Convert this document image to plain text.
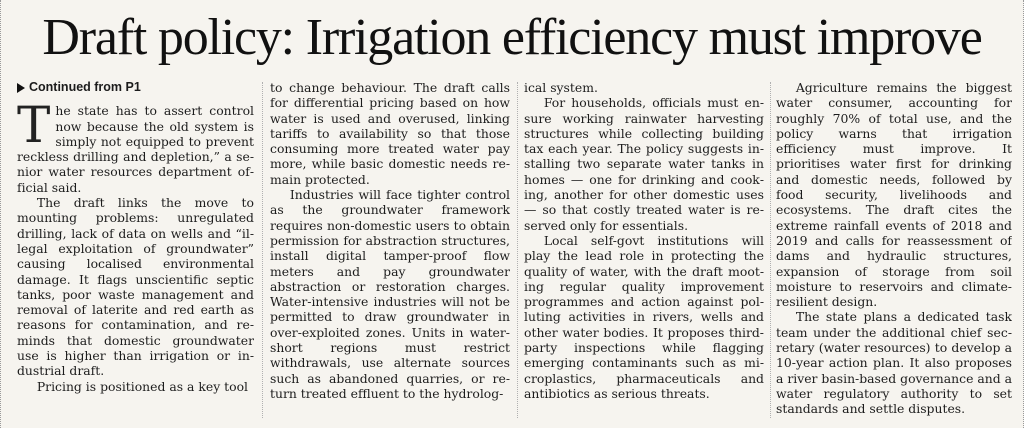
Draft policy: Irrigation efficiency must improve
Continued from P1

The state has to assert control now because the old system is simply not equipped to prevent reckless drilling and depletion,” a senior water resources department official said.

The draft links the move to mounting problems: unregulated drilling, lack of data on wells and “illegal exploitation of groundwater” causing localised environmental damage. It flags unscientific septic tanks, poor waste management and removal of laterite and red earth as reasons for contamination, and reminds that domestic groundwater use is higher than irrigation or industrial draft.

Pricing is positioned as a key tool

to change behaviour. The draft calls for differential pricing based on how water is used and overused, linking tariffs to availability so that those consuming more treated water pay more, while basic domestic needs remain protected.

Industries will face tighter control as the groundwater framework requires non-domestic users to obtain permission for abstraction structures, install digital tamper-proof flow meters and pay groundwater abstraction or restoration charges. Water-intensive industries will not be permitted to draw groundwater in over-exploited zones. Units in water-short regions must restrict withdrawals, use alternate sources such as abandoned quarries, or return treated effluent to the hydrolog-

ical system.

For households, officials must ensure working rainwater harvesting structures while collecting building tax each year. The policy suggests installing two separate water tanks in homes — one for drinking and cooking, another for other domestic uses — so that costly treated water is reserved only for essentials.

Local self-govt institutions will play the lead role in protecting the quality of water, with the draft mooting regular quality improvement programmes and action against polluting activities in rivers, wells and other water bodies. It proposes third-party inspections while flagging emerging contaminants such as microplastics, pharmaceuticals and antibiotics as serious threats.

Agriculture remains the biggest water consumer, accounting for roughly 70% of total use, and the policy warns that irrigation efficiency must improve. It prioritises water first for drinking and domestic needs, followed by food security, livelihoods and ecosystems. The draft cites the extreme rainfall events of 2018 and 2019 and calls for reassessment of dams and hydraulic structures, expansion of storage from soil moisture to reservoirs and climate-resilient design.

The state plans a dedicated task team under the additional chief secretary (water resources) to develop a 10-year action plan. It also proposes a river basin-based governance and a water regulatory authority to set standards and settle disputes.
